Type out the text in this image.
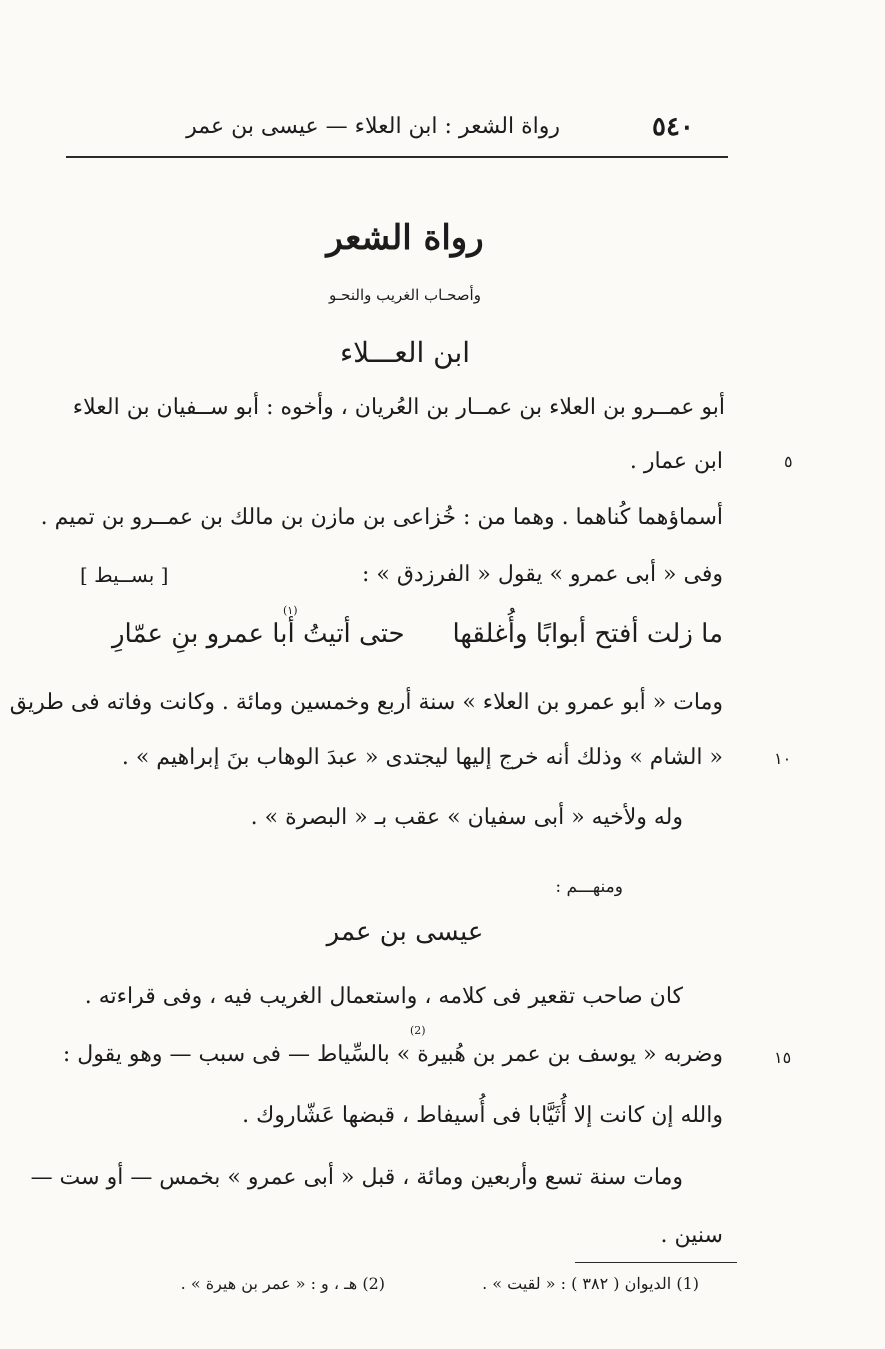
٥٤٠
رواة الشعر : ابن العلاء — عيسى بن عمر
رواة الشعر
وأصحـاب الغريب والنحـو
ابن العـــلاء
أبو عمــرو بن العلاء بن عمــار بن العُريان ، وأخوه : أبو ســفيان بن العلاء
ابن عمار .
أسماؤهما كُناهما . وهما من : خُزاعى بن مازن بن مالك بن عمــرو بن تميم .
وفى « أبى عمرو » يقول « الفرزدق » :
[ بســيط ]
ما زلت أفتح أبوابًا وأُغلقها
(١)
حتى أتيتُ أبا عمرو بنِ عمّارِ
ومات « أبو عمرو بن العلاء » سنة أربع وخمسين ومائة . وكانت وفاته فى طريق
« الشام » وذلك أنه خرج إليها ليجتدى « عبدَ الوهاب بنَ إبراهيم » .
وله ولأخيه « أبى سفيان » عقب بـ « البصرة » .
ومنهـــم :
عيسى بن عمر
كان صاحب تقعير فى كلامه ، واستعمال الغريب فيه ، وفى قراءته .
(2)
وضربه « يوسف بن عمر بن هُبيرة » بالسِّياط — فى سبب — وهو يقول :
والله إن كانت إلا أُثَيَّابا فى أُسيفاط ، قبضها عَشّاروك .
ومات سنة تسع وأربعين ومائة ، قبل « أبى عمرو » بخمس — أو ست —
سنين .
٥
١٠
١٥
(1) الديوان ( ٣٨٢ ) : « لقيت » .
(2) هـ ، و : « عمر بن هيرة » .
